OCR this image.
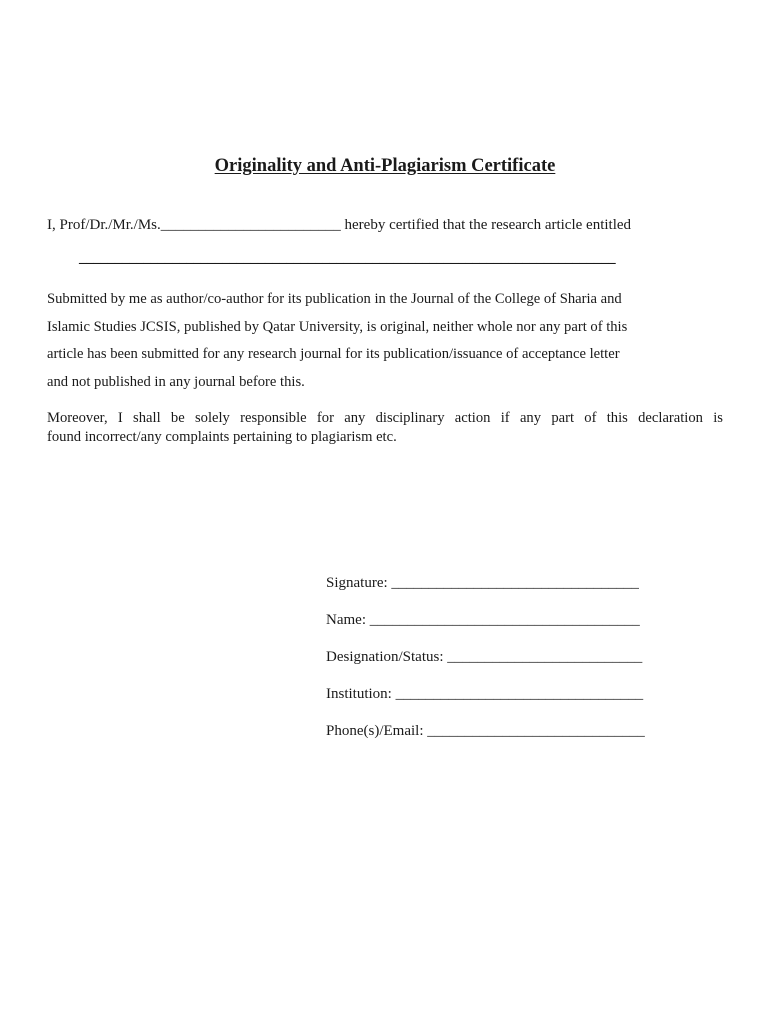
Originality and Anti-Plagiarism Certificate
I, Prof/Dr./Mr./Ms.________________________ hereby certified that the research article entitled
___________________________________________________________________________
Submitted by me as author/co-author for its publication in the Journal of the College of Sharia and
Islamic Studies JCSIS, published by Qatar University, is original, neither whole nor any part of this
article has been submitted for any research journal for its publication/issuance of acceptance letter
and not published in any journal before this.
Moreover, I shall be solely responsible for any disciplinary action if any part of this declaration is
found incorrect/any complaints pertaining to plagiarism etc.
Signature: _________________________________
Name: ____________________________________
Designation/Status: __________________________
Institution: _________________________________
Phone(s)/Email: _____________________________
